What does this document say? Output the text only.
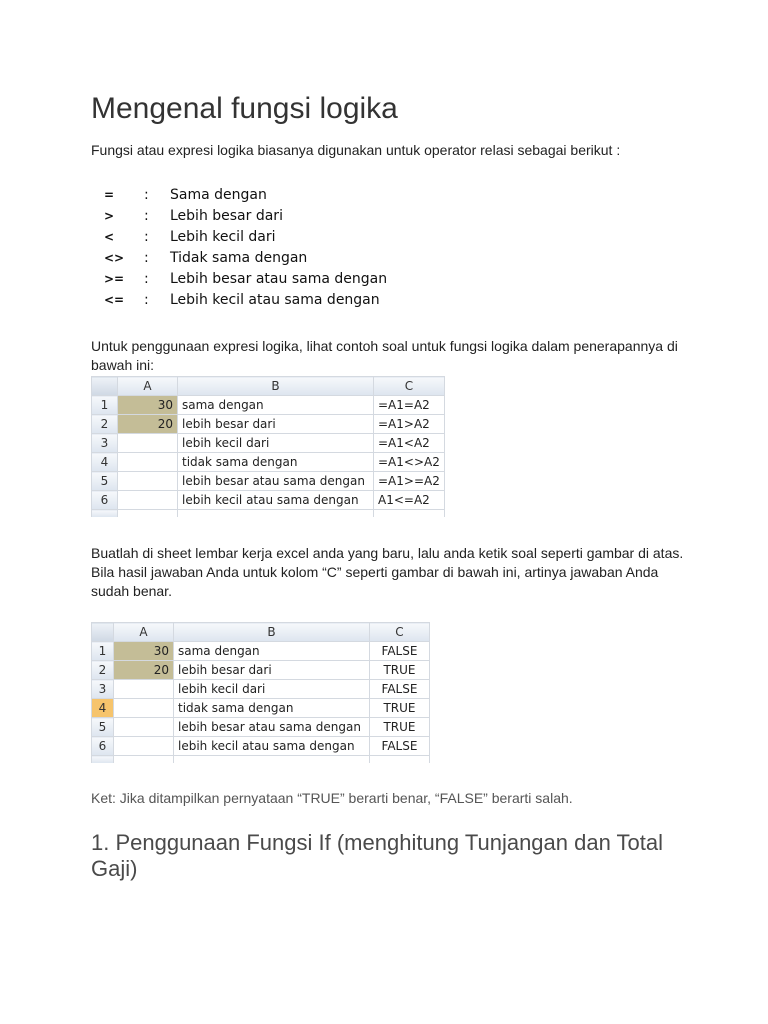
Mengenal fungsi logika

Fungsi atau expresi logika biasanya digunakan untuk operator relasi sebagai berikut :

=	:	Sama dengan
>	:	Lebih besar dari
<	:	Lebih kecil dari
<>	:	Tidak sama dengan
>=	:	Lebih besar atau sama dengan
<=	:	Lebih kecil atau sama dengan

Untuk penggunaan expresi logika, lihat contoh soal untuk fungsi logika dalam penerapannya di bawah ini:

	A	B	C
1	30	sama dengan	=A1=A2
2	20	lebih besar dari	=A1>A2
3		lebih kecil dari	=A1<A2
4		tidak sama dengan	=A1<>A2
5		lebih besar atau sama dengan	=A1>=A2
6		lebih kecil atau sama dengan	A1<=A2

Buatlah di sheet lembar kerja excel anda yang baru, lalu anda ketik soal seperti gambar di atas. Bila hasil jawaban Anda untuk kolom “C” seperti gambar di bawah ini, artinya jawaban Anda sudah benar.

	A	B	C
1	30	sama dengan	FALSE
2	20	lebih besar dari	TRUE
3		lebih kecil dari	FALSE
4		tidak sama dengan	TRUE
5		lebih besar atau sama dengan	TRUE
6		lebih kecil atau sama dengan	FALSE

Ket: Jika ditampilkan pernyataan “TRUE” berarti benar, “FALSE” berarti salah.

1. Penggunaan Fungsi If (menghitung Tunjangan dan Total Gaji)
